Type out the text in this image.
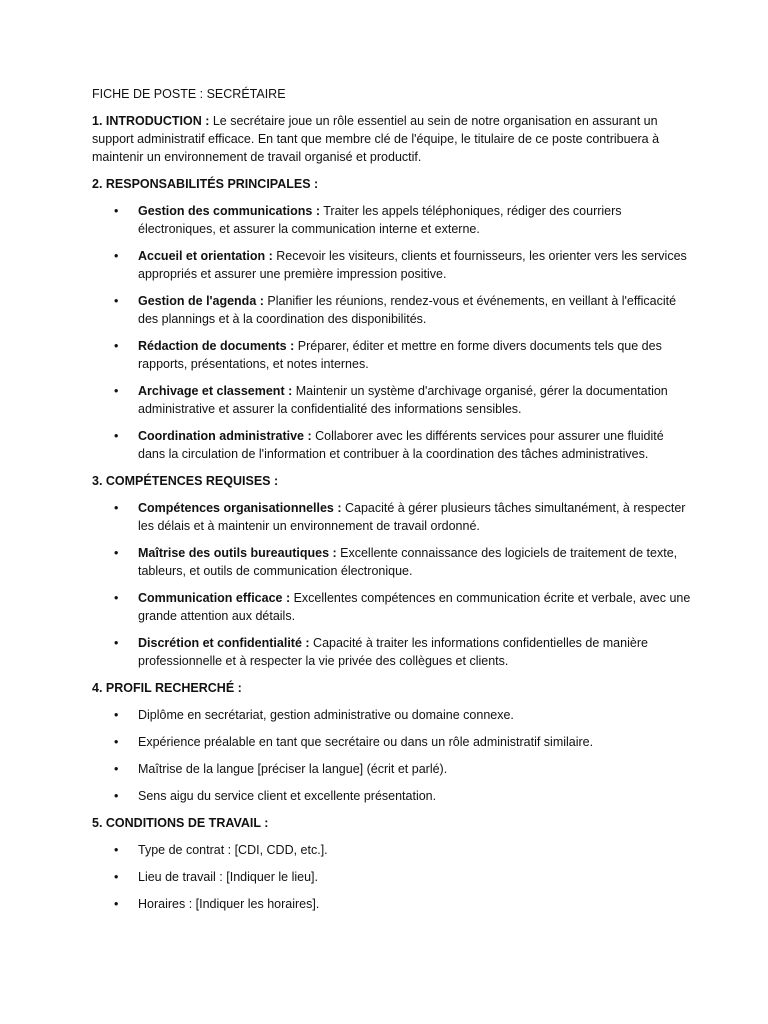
FICHE DE POSTE : SECRÉTAIRE

1. INTRODUCTION : Le secrétaire joue un rôle essentiel au sein de notre organisation en assurant un support administratif efficace. En tant que membre clé de l'équipe, le titulaire de ce poste contribuera à maintenir un environnement de travail organisé et productif.

2. RESPONSABILITÉS PRINCIPALES :

• Gestion des communications : Traiter les appels téléphoniques, rédiger des courriers électroniques, et assurer la communication interne et externe.
• Accueil et orientation : Recevoir les visiteurs, clients et fournisseurs, les orienter vers les services appropriés et assurer une première impression positive.
• Gestion de l'agenda : Planifier les réunions, rendez-vous et événements, en veillant à l'efficacité des plannings et à la coordination des disponibilités.
• Rédaction de documents : Préparer, éditer et mettre en forme divers documents tels que des rapports, présentations, et notes internes.
• Archivage et classement : Maintenir un système d'archivage organisé, gérer la documentation administrative et assurer la confidentialité des informations sensibles.
• Coordination administrative : Collaborer avec les différents services pour assurer une fluidité dans la circulation de l'information et contribuer à la coordination des tâches administratives.

3. COMPÉTENCES REQUISES :

• Compétences organisationnelles : Capacité à gérer plusieurs tâches simultanément, à respecter les délais et à maintenir un environnement de travail ordonné.
• Maîtrise des outils bureautiques : Excellente connaissance des logiciels de traitement de texte, tableurs, et outils de communication électronique.
• Communication efficace : Excellentes compétences en communication écrite et verbale, avec une grande attention aux détails.
• Discrétion et confidentialité : Capacité à traiter les informations confidentielles de manière professionnelle et à respecter la vie privée des collègues et clients.

4. PROFIL RECHERCHÉ :

• Diplôme en secrétariat, gestion administrative ou domaine connexe.
• Expérience préalable en tant que secrétaire ou dans un rôle administratif similaire.
• Maîtrise de la langue [préciser la langue] (écrit et parlé).
• Sens aigu du service client et excellente présentation.

5. CONDITIONS DE TRAVAIL :

• Type de contrat : [CDI, CDD, etc.].
• Lieu de travail : [Indiquer le lieu].
• Horaires : [Indiquer les horaires].
